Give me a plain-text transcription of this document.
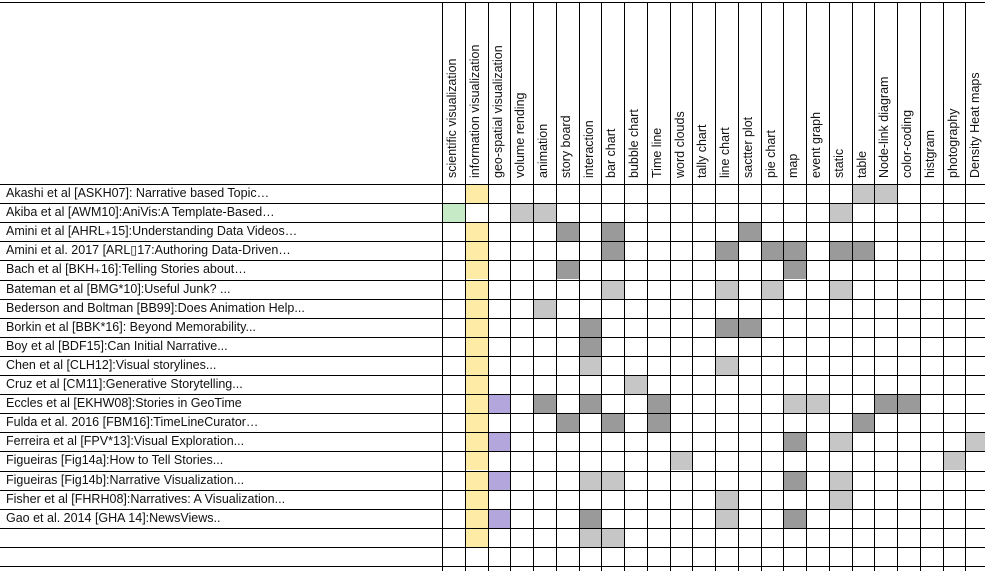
scientific visualization information visualization geo-spatial visualization volume rending animation story board interaction bar chart bubble chart Time line word clouds tally chart line chart sactter plot pie chart map event graph static table Node-link diagram color-coding histgram photography Density Heat maps
Akashi et al [ASKH07]: Narrative based Topic…
Akiba et al [AWM10]:AniVis:A Template-Based…
Amini et al [AHRL₊15]:Understanding Data Videos…
Amini et al. 2017 [ARL▯17:Authoring Data-Driven…
Bach et al [BKH₊16]:Telling Stories about…
Bateman et al [BMG*10]:Useful Junk? ...
Bederson and Boltman [BB99]:Does Animation Help...
Borkin et al [BBK*16]: Beyond Memorability...
Boy et al [BDF15]:Can Initial Narrative...
Chen et al [CLH12]:Visual storylines...
Cruz et al [CM11]:Generative Storytelling...
Eccles et al [EKHW08]:Stories in GeoTime
Fulda et al. 2016 [FBM16]:TimeLineCurator…
Ferreira et al [FPV*13]:Visual Exploration...
Figueiras [Fig14a]:How to Tell Stories...
Figueiras [Fig14b]:Narrative Visualization...
Fisher et al [FHRH08]:Narratives: A Visualization...
Gao et al. 2014 [GHA 14]:NewsViews..
